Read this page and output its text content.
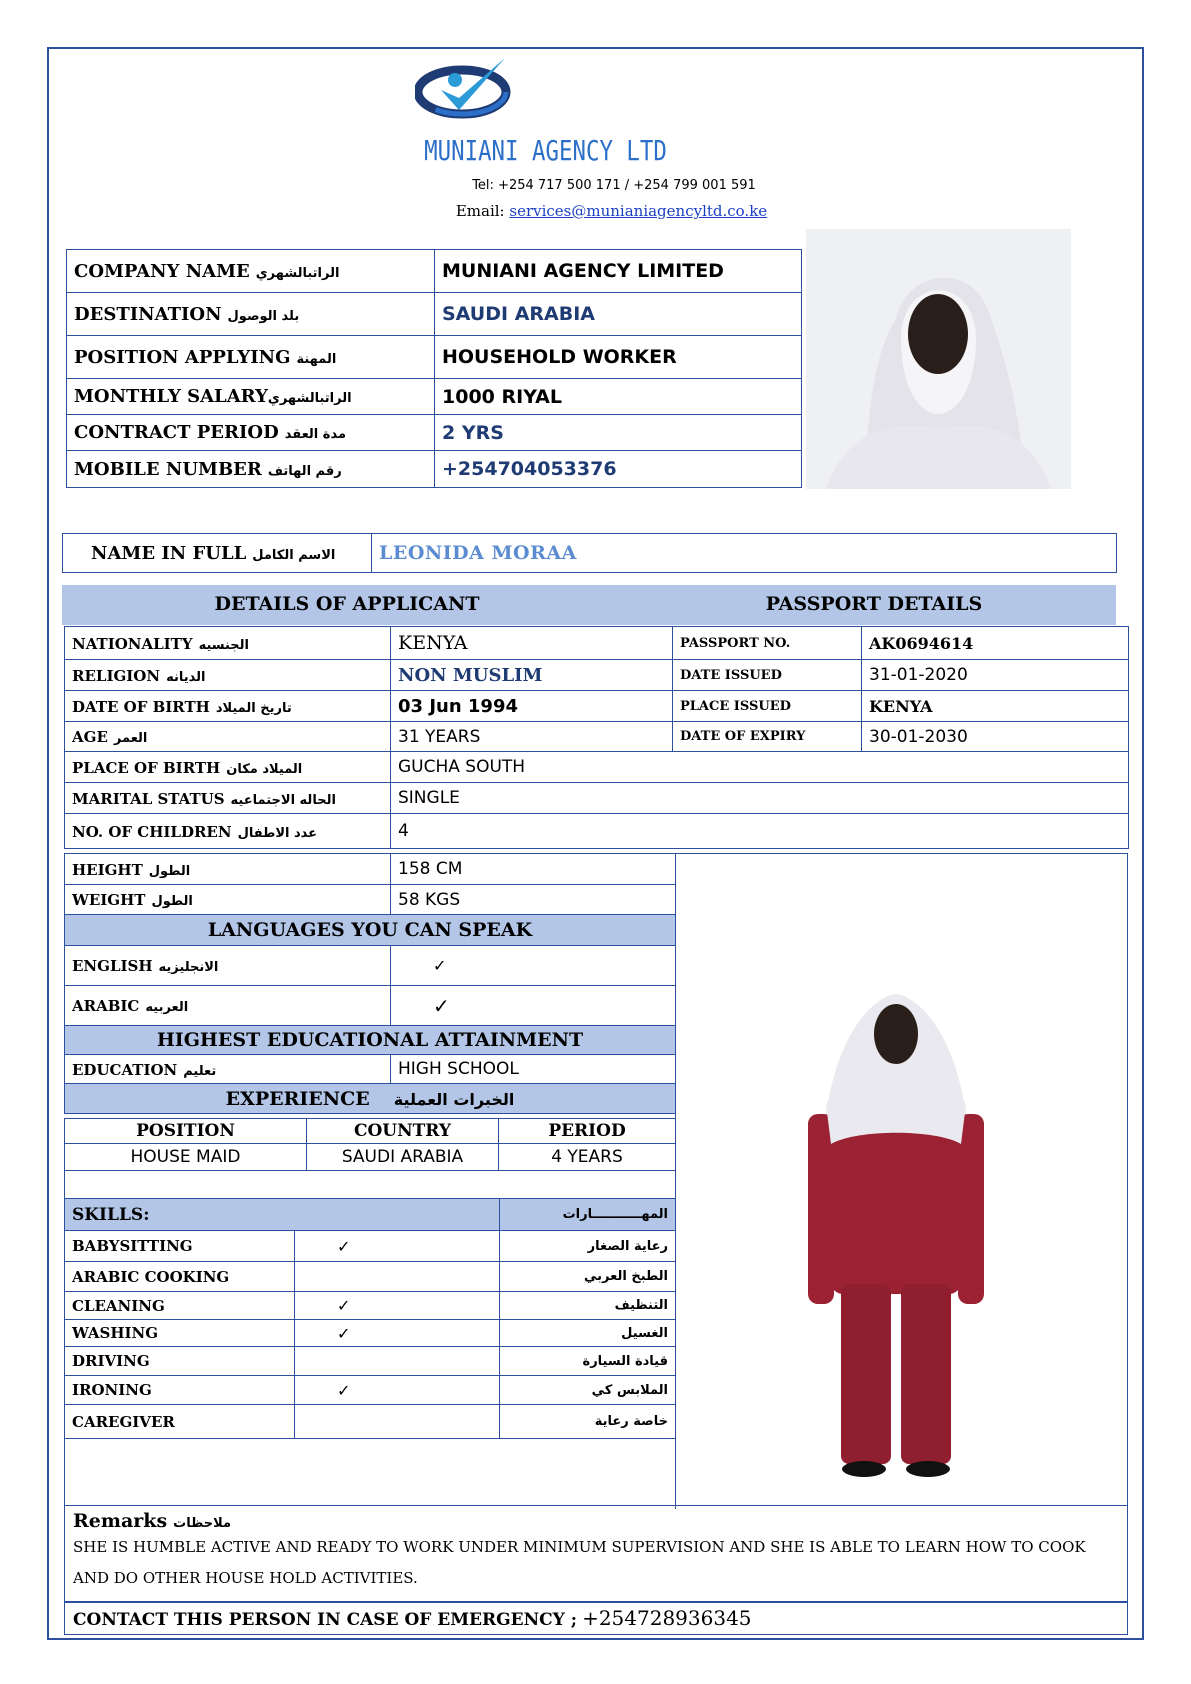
MUNIANI AGENCY LTD
Tel: +254 717 500 171 / +254 799 001 591
Email: services@munianiagencyltd.co.ke
COMPANY NAME الراتبالشهري	MUNIANI AGENCY LIMITED
DESTINATION بلد الوصول	SAUDI ARABIA
POSITION APPLYING المهنة	HOUSEHOLD WORKER
MONTHLY SALARYالراتبالشهري	1000 RIYAL
CONTRACT PERIOD مدة العقد	2 YRS
MOBILE NUMBER رقم الهاتف	+254704053376
NAME IN FULL الاسم الكامل	LEONIDA MORAA
DETAILS OF APPLICANT	PASSPORT DETAILS
NATIONALITY الجنسيه	KENYA	PASSPORT NO.	AK0694614
RELIGION الديانه	NON MUSLIM	DATE ISSUED	31-01-2020
DATE OF BIRTH تاريخ الميلاد	03 Jun 1994	PLACE ISSUED	KENYA
AGE العمر	31 YEARS	DATE OF EXPIRY	30-01-2030
PLACE OF BIRTH الميلاد مكان	GUCHA SOUTH		
MARITAL STATUS الحاله الاجتماعيه	SINGLE		
NO. OF CHILDREN عدد الاطفال	4		
HEIGHT الطول	158 CM
WEIGHT الطول	58 KGS
LANGUAGES YOU CAN SPEAK	
ENGLISH الانجليزيه	✓
ARABIC العربيه	✓
HIGHEST EDUCATIONAL ATTAINMENT	
EDUCATION تعليم	HIGH SCHOOL
EXPERIENCE الخبرات العملية	
POSITION	COUNTRY	PERIOD
HOUSE MAID	SAUDI ARABIA	4 YEARS

SKILLS:		المهـــــــــــارات
BABYSITTING	✓	رعاية الصغار
ARABIC COOKING		الطبخ العربي
CLEANING	✓	التنظيف
WASHING	✓	الغسيل
DRIVING		قيادة السيارة
IRONING	✓	الملابس كي
CAREGIVER		خاصة رعاية

Remarks ملاحظات
SHE IS HUMBLE ACTIVE AND READY TO WORK UNDER MINIMUM SUPERVISION AND SHE IS ABLE TO LEARN HOW TO COOK AND DO OTHER HOUSE HOLD ACTIVITIES.
CONTACT THIS PERSON IN CASE OF EMERGENCY ; +254728936345
